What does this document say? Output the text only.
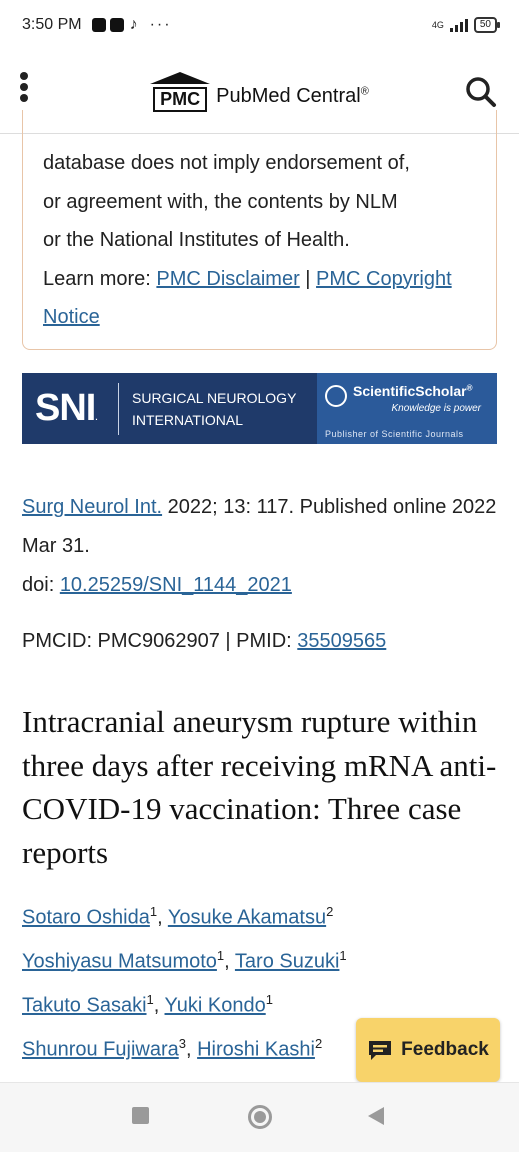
3:50 PM	♪ ···	4G	50
PMC PubMed Central®
database does not imply endorsement of,
or agreement with, the contents by NLM
or the National Institutes of Health.
Learn more: PMC Disclaimer | PMC Copyright Notice
SNI.
SURGICAL NEUROLOGY
INTERNATIONAL
ScientificScholar®
Knowledge is power
Publisher of Scientific Journals
Surg Neurol Int. 2022; 13: 117. Published online 2022 Mar 31.
doi: 10.25259/SNI_1144_2021
PMCID: PMC9062907 | PMID: 35509565
Intracranial aneurysm rupture within three days after receiving mRNA anti-COVID-19 vaccination: Three case reports
Sotaro Oshida$^1$, Yosuke Akamatsu$^2$
Yoshiyasu Matsumoto$^1$, Taro Suzuki$^1$
Takuto Sasaki$^1$, Yuki Kondo$^1$
Shunrou Fujiwara$^3$, Hiroshi Kashi$^2$	Feedback
